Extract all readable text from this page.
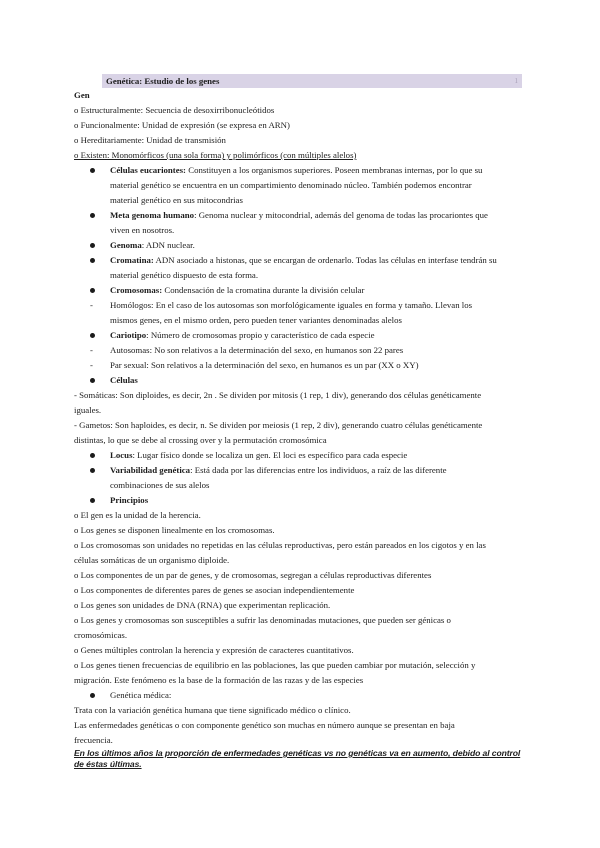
Genética: Estudio de los genes	1
Gen
o Estructuralmente: Secuencia de desoxirribonucleótidos
o Funcionalmente: Unidad de expresión (se expresa en ARN)
o Hereditariamente: Unidad de transmisión
o Existen: Monomórficos (una sola forma) y polimórficos (con múltiples alelos)
Células eucariontes: Constituyen a los organismos superiores. Poseen membranas internas, por lo que su
material genético se encuentra en un compartimiento denominado núcleo. También podemos encontrar
material genético en sus mitocondrias
Meta genoma humano: Genoma nuclear y mitocondrial, además del genoma de todas las procariontes que
viven en nosotros.
Genoma: ADN nuclear.
Cromatina: ADN asociado a histonas, que se encargan de ordenarlo. Todas las células en interfase tendrán su
material genético dispuesto de esta forma.
Cromosomas: Condensación de la cromatina durante la división celular
- Homólogos: En el caso de los autosomas son morfológicamente iguales en forma y tamaño. Llevan los
mismos genes, en el mismo orden, pero pueden tener variantes denominadas alelos
Cariotipo: Número de cromosomas propio y característico de cada especie
- Autosomas: No son relativos a la determinación del sexo, en humanos son 22 pares
- Par sexual: Son relativos a la determinación del sexo, en humanos es un par (XX o XY)
Células
- Somáticas: Son diploides, es decir, 2n . Se dividen por mitosis (1 rep, 1 div), generando dos células genéticamente
iguales.
- Gametos: Son haploides, es decir, n. Se dividen por meiosis (1 rep, 2 div), generando cuatro células genéticamente
distintas, lo que se debe al crossing over y la permutación cromosómica
Locus: Lugar físico donde se localiza un gen. El loci es específico para cada especie
Variabilidad genética: Está dada por las diferencias entre los individuos, a raíz de las diferente
combinaciones de sus alelos
Principios
o El gen es la unidad de la herencia.
o Los genes se disponen linealmente en los cromosomas.
o Los cromosomas son unidades no repetidas en las células reproductivas, pero están pareados en los cigotos y en las
células somáticas de un organismo diploide.
o Los componentes de un par de genes, y de cromosomas, segregan a células reproductivas diferentes
o Los componentes de diferentes pares de genes se asocian independientemente
o Los genes son unidades de DNA (RNA) que experimentan replicación.
o Los genes y cromosomas son susceptibles a sufrir las denominadas mutaciones, que pueden ser génicas o
cromosómicas.
o Genes múltiples controlan la herencia y expresión de caracteres cuantitativos.
o Los genes tienen frecuencias de equilibrio en las poblaciones, las que pueden cambiar por mutación, selección y
migración. Este fenómeno es la base de la formación de las razas y de las especies
Genética médica:
Trata con la variación genética humana que tiene significado médico o clínico.
Las enfermedades genéticas o con componente genético son muchas en número aunque se presentan en baja
frecuencia.
En los últimos años la proporción de enfermedades genéticas vs no genéticas va en aumento, debido al control
de éstas últimas.
